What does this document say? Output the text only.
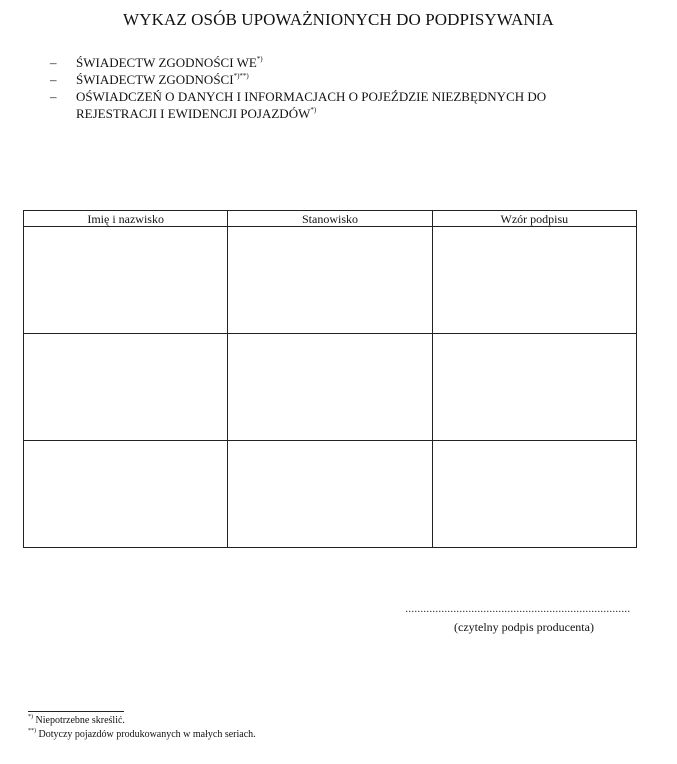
WYKAZ OSÓB UPOWAŻNIONYCH DO PODPISYWANIA
– ŚWIADECTW ZGODNOŚCI WE*)
– ŚWIADECTW ZGODNOŚCI*)**)
– OŚWIADCZEŃ O DANYCH I INFORMACJACH O POJEŹDZIE NIEZBĘDNYCH DO
REJESTRACJI I EWIDENCJI POJAZDÓW*)
Imię i nazwisko	Stanowisko	Wzór podpisu

...........................................................................
(czytelny podpis producenta)
*) Niepotrzebne skreślić.
**) Dotyczy pojazdów produkowanych w małych seriach.
